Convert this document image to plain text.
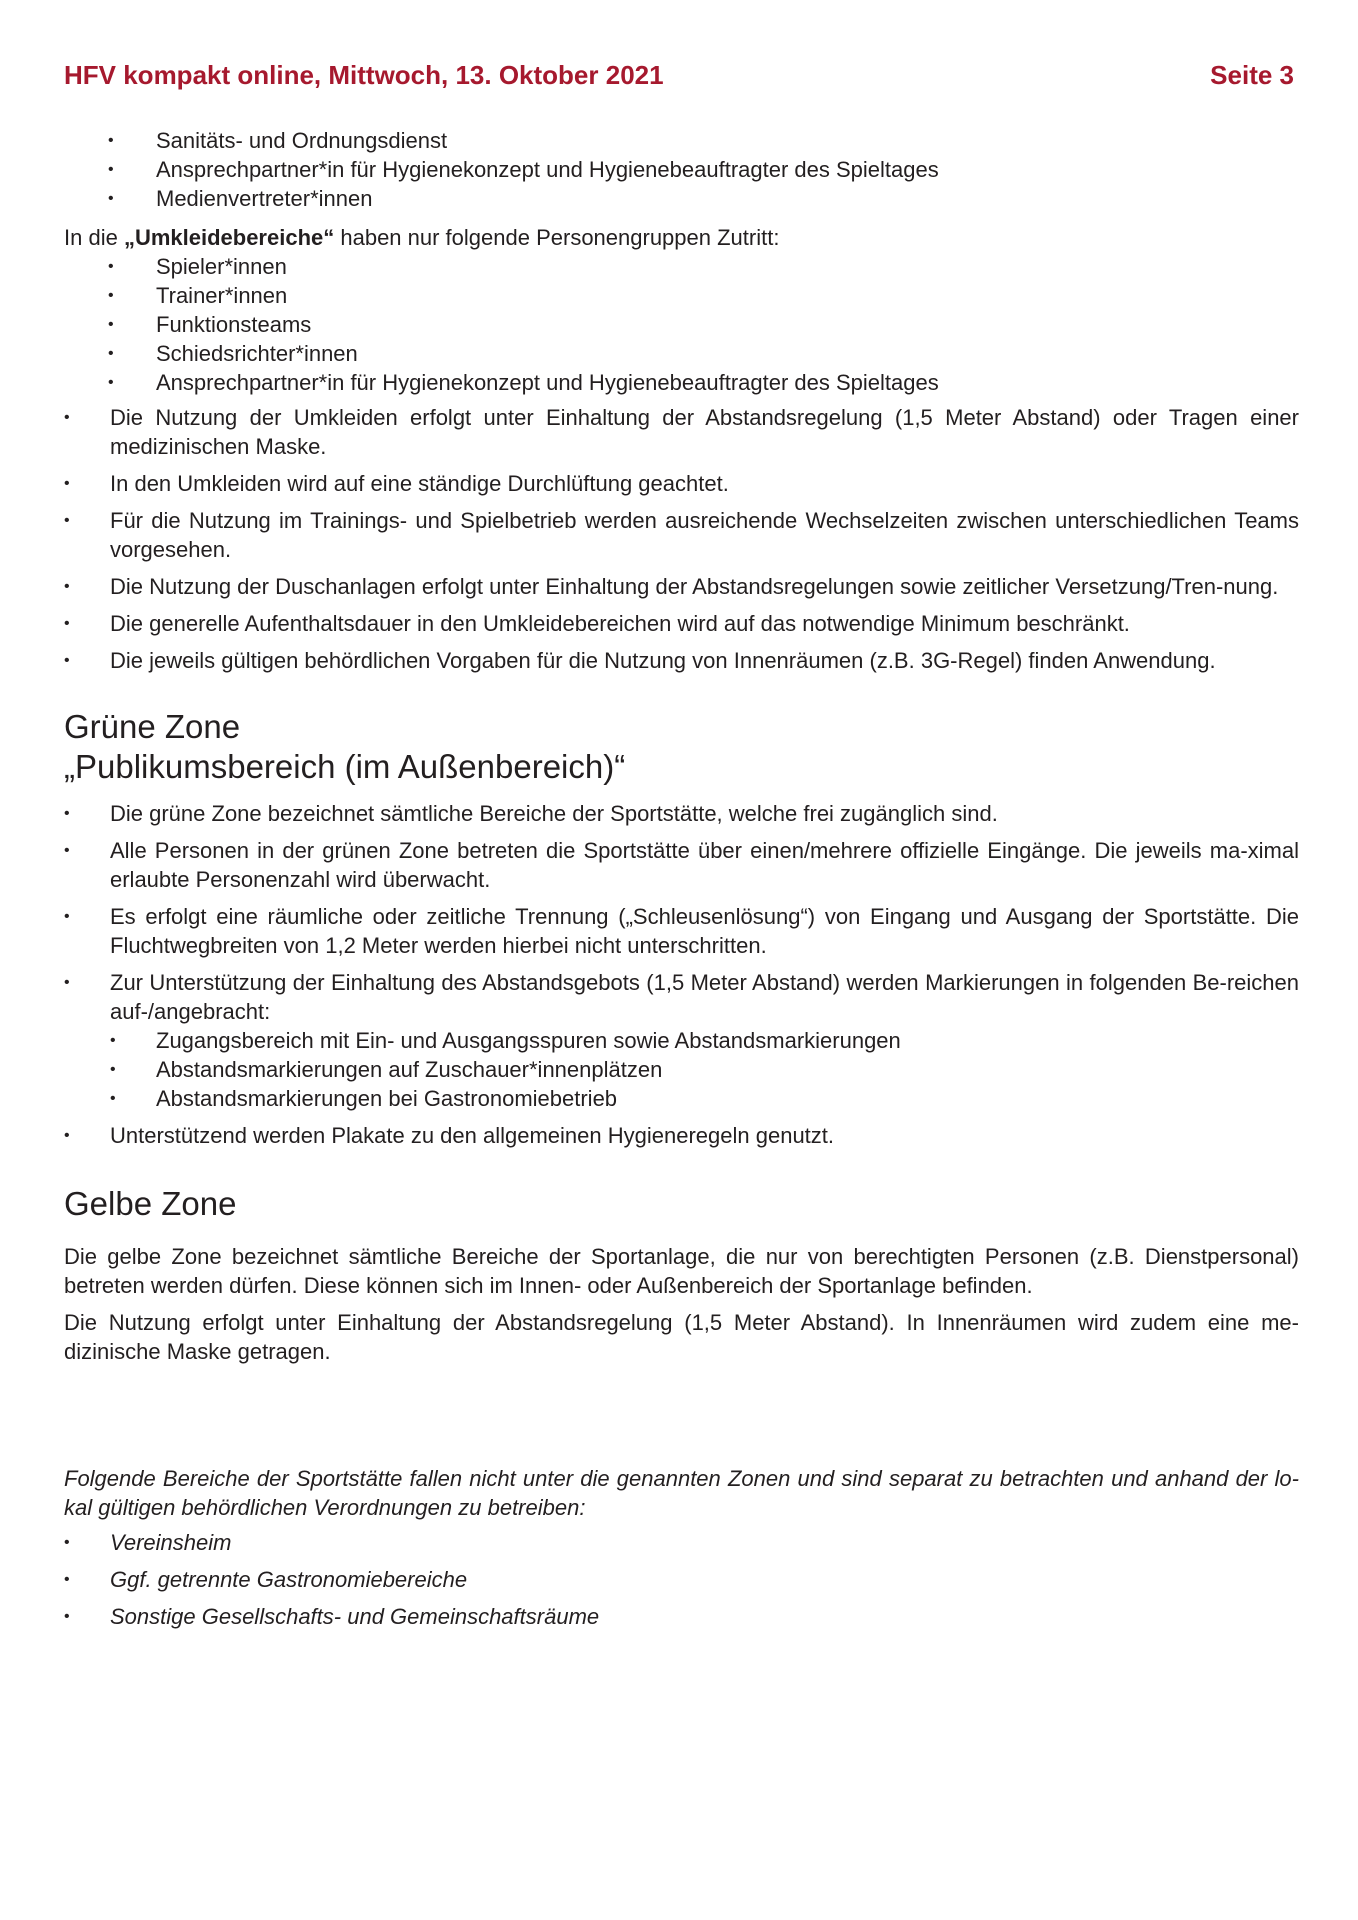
HFV kompakt online, Mittwoch, 13. Oktober 2021	Seite 3
• Sanitäts- und Ordnungsdienst
• Ansprechpartner*in für Hygienekonzept und Hygienebeauftragter des Spieltages
• Medienvertreter*innen

In die „Umkleidebereiche“ haben nur folgende Personengruppen Zutritt:

• Spieler*innen
• Trainer*innen
• Funktionsteams
• Schiedsrichter*innen
• Ansprechpartner*in für Hygienekonzept und Hygienebeauftragter des Spieltages
• Die Nutzung der Umkleiden erfolgt unter Einhaltung der Abstandsregelung (1,5 Meter Abstand) oder Tragen einer medizinischen Maske.
• In den Umkleiden wird auf eine ständige Durchlüftung geachtet.
• Für die Nutzung im Trainings- und Spielbetrieb werden ausreichende Wechselzeiten zwischen unterschiedlichen Teams vorgesehen.
• Die Nutzung der Duschanlagen erfolgt unter Einhaltung der Abstandsregelungen sowie zeitlicher Versetzung/Tren-nung.
• Die generelle Aufenthaltsdauer in den Umkleidebereichen wird auf das notwendige Minimum beschränkt.
• Die jeweils gültigen behördlichen Vorgaben für die Nutzung von Innenräumen (z.B. 3G-Regel) finden Anwendung.
Grüne Zone
„Publikumsbereich (im Außenbereich)“
• Die grüne Zone bezeichnet sämtliche Bereiche der Sportstätte, welche frei zugänglich sind.
• Alle Personen in der grünen Zone betreten die Sportstätte über einen/mehrere offizielle Eingänge. Die jeweils ma-ximal erlaubte Personenzahl wird überwacht.
• Es erfolgt eine räumliche oder zeitliche Trennung („Schleusenlösung“) von Eingang und Ausgang der Sportstätte. Die Fluchtwegbreiten von 1,2 Meter werden hierbei nicht unterschritten.
• Zur Unterstützung der Einhaltung des Abstandsgebots (1,5 Meter Abstand) werden Markierungen in folgenden Be-reichen auf-/angebracht:
• Zugangsbereich mit Ein- und Ausgangsspuren sowie Abstandsmarkierungen
• Abstandsmarkierungen auf Zuschauer*innenplätzen
• Abstandsmarkierungen bei Gastronomiebetrieb
• Unterstützend werden Plakate zu den allgemeinen Hygieneregeln genutzt.
Gelbe Zone

Die gelbe Zone bezeichnet sämtliche Bereiche der Sportanlage, die nur von berechtigten Personen (z.B. Dienstpersonal) betreten werden dürfen. Diese können sich im Innen- oder Außenbereich der Sportanlage befinden.

Die Nutzung erfolgt unter Einhaltung der Abstandsregelung (1,5 Meter Abstand). In Innenräumen wird zudem eine me-dizinische Maske getragen.

Folgende Bereiche der Sportstätte fallen nicht unter die genannten Zonen und sind separat zu betrachten und anhand der lo-kal gültigen behördlichen Verordnungen zu betreiben:

• Vereinsheim
• Ggf. getrennte Gastronomiebereiche
• Sonstige Gesellschafts- und Gemeinschaftsräume
